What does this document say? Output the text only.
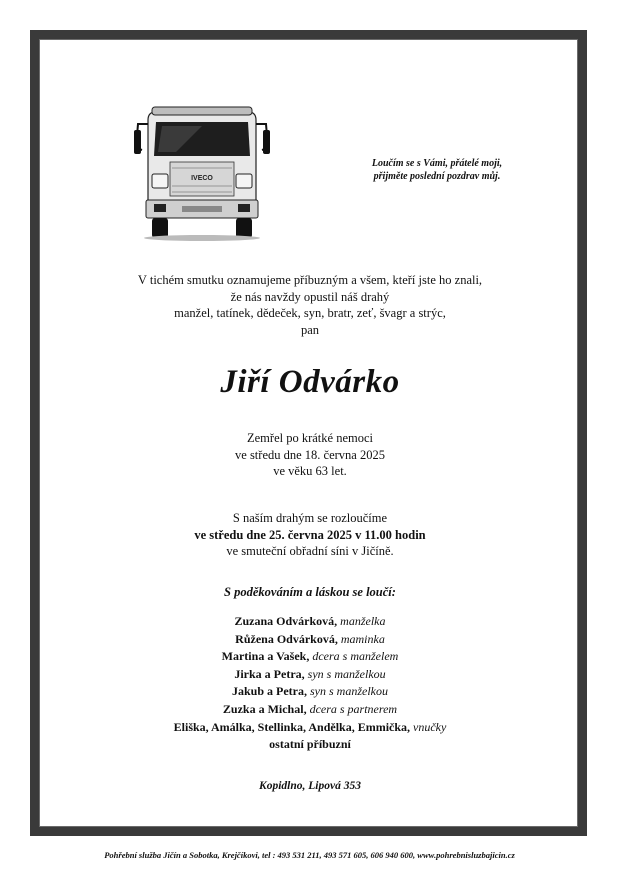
IVECO
Loučím se s Vámi, přátelé moji,
přijměte poslední pozdrav můj.
V tichém smutku oznamujeme příbuzným a všem, kteří jste ho znali,
že nás navždy opustil náš drahý
manžel, tatínek, dědeček, syn, bratr, zeť, švagr a strýc,
pan
Jiří Odvárko
Zemřel po krátké nemoci
ve středu dne 18. června 2025
ve věku 63 let.
S naším drahým se rozloučíme
ve středu dne 25. června 2025 v 11.00 hodin
ve smuteční obřadní síni v Jičíně.
S poděkováním a láskou se loučí:
Zuzana Odvárková, manželka
Růžena Odvárková, maminka
Martina a Vašek, dcera s manželem
Jirka a Petra, syn s manželkou
Jakub a Petra, syn s manželkou
Zuzka a Michal, dcera s partnerem
Eliška, Amálka, Stellinka, Andělka, Emmička, vnučky
ostatní příbuzní
Kopidlno, Lipová 353
Pohřební služba Jičín a Sobotka, Krejčíkovi, tel : 493 531 211, 493 571 605, 606 940 600, www.pohrebnisluzbajicin.cz
